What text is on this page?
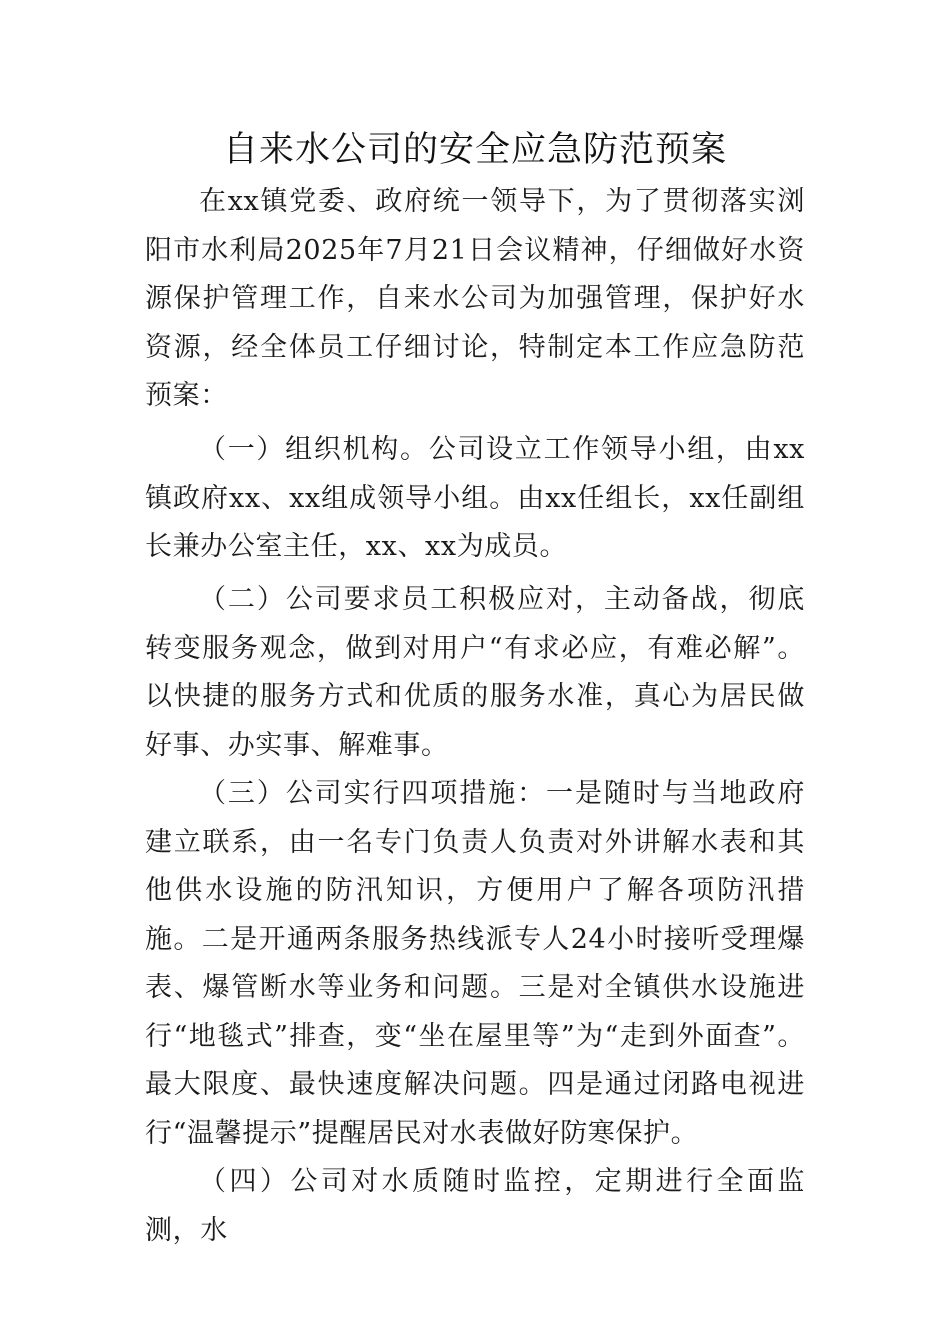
自来水公司的安全应急防范预案

在xx镇党委、政府统一领导下，为了贯彻落实浏阳市水利局2025年7月21日会议精神，仔细做好水资源保护管理工作，自来水公司为加强管理，保护好水资源，经全体员工仔细讨论，特制定本工作应急防范预案：

（一）组织机构。公司设立工作领导小组，由xx镇政府xx、xx组成领导小组。由xx任组长，xx任副组长兼办公室主任，xx、xx为成员。

（二）公司要求员工积极应对，主动备战，彻底转变服务观念，做到对用户“有求必应，有难必解”。以快捷的服务方式和优质的服务水准，真心为居民做好事、办实事、解难事。

（三）公司实行四项措施：一是随时与当地政府建立联系，由一名专门负责人负责对外讲解水表和其他供水设施的防汛知识，方便用户了解各项防汛措施。二是开通两条服务热线派专人24小时接听受理爆表、爆管断水等业务和问题。三是对全镇供水设施进行“地毯式”排查，变“坐在屋里等”为“走到外面查”。最大限度、最快速度解决问题。四是通过闭路电视进行“温馨提示”提醒居民对水表做好防寒保护。

（四）公司对水质随时监控，定期进行全面监测，水
